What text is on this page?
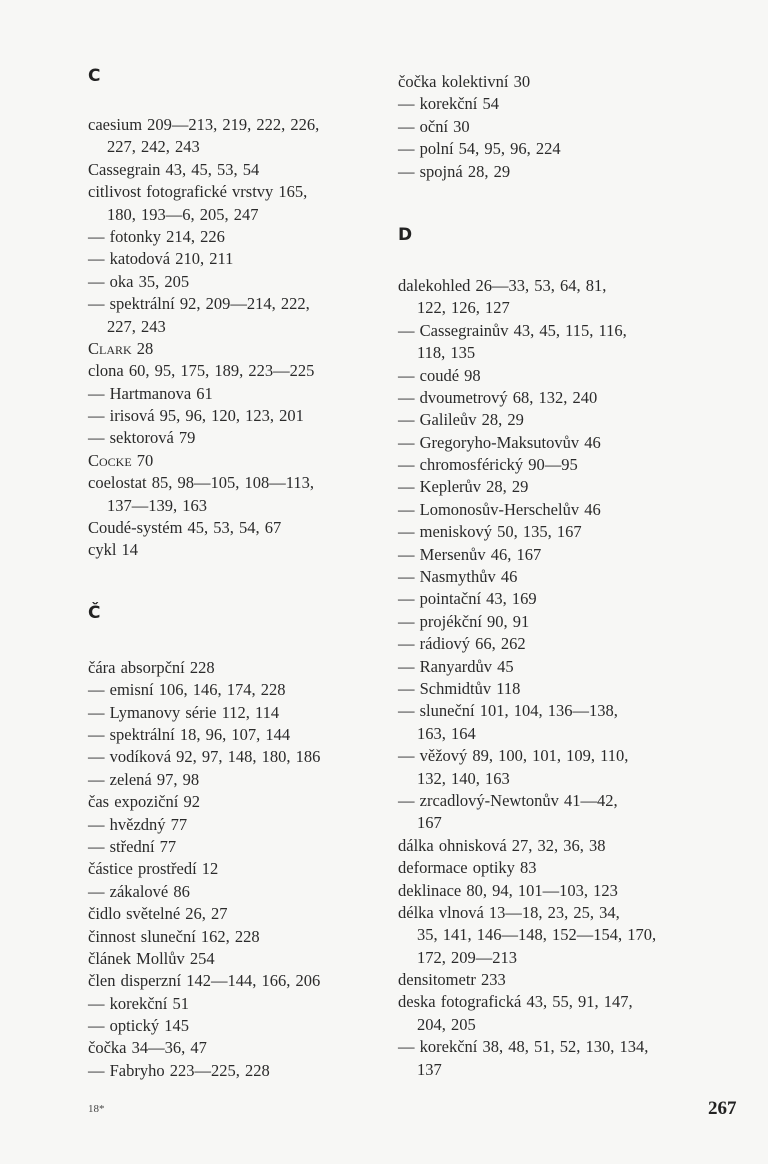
C
caesium 209—213, 219, 222, 226,
227, 242, 243
Cassegrain 43, 45, 53, 54
citlivost fotografické vrstvy 165,
180, 193—6, 205, 247
— fotonky 214, 226
— katodová 210, 211
— oka 35, 205
— spektrální 92, 209—214, 222,
227, 243
Clark 28
clona 60, 95, 175, 189, 223—225
— Hartmanova 61
— irisová 95, 96, 120, 123, 201
— sektorová 79
Cocke 70
coelostat 85, 98—105, 108—113,
137—139, 163
Coudé-systém 45, 53, 54, 67
cykl 14
Č
čára absorpční 228
— emisní 106, 146, 174, 228
— Lymanovy série 112, 114
— spektrální 18, 96, 107, 144
— vodíková 92, 97, 148, 180, 186
— zelená 97, 98
čas expoziční 92
— hvězdný 77
— střední 77
částice prostředí 12
— zákalové 86
čidlo světelné 26, 27
činnost sluneční 162, 228
článek Mollův 254
člen disperzní 142—144, 166, 206
— korekční 51
— optický 145
čočka 34—36, 47
— Fabryho 223—225, 228
čočka kolektivní 30
— korekční 54
— oční 30
— polní 54, 95, 96, 224
— spojná 28, 29
D
dalekohled 26—33, 53, 64, 81,
122, 126, 127
— Cassegrainův 43, 45, 115, 116,
118, 135
— coudé 98
— dvoumetrový 68, 132, 240
— Galileův 28, 29
— Gregoryho-Maksutovův 46
— chromosférický 90—95
— Keplerův 28, 29
— Lomonosův-Herschelův 46
— meniskový 50, 135, 167
— Mersenův 46, 167
— Nasmythův 46
— pointační 43, 169
— projékční 90, 91
— rádiový 66, 262
— Ranyardův 45
— Schmidtův 118
— sluneční 101, 104, 136—138,
163, 164
— věžový 89, 100, 101, 109, 110,
132, 140, 163
— zrcadlový-Newtonův 41—42,
167
dálka ohnisková 27, 32, 36, 38
deformace optiky 83
deklinace 80, 94, 101—103, 123
délka vlnová 13—18, 23, 25, 34,
35, 141, 146—148, 152—154, 170,
172, 209—213
densitometr 233
deska fotografická 43, 55, 91, 147,
204, 205
— korekční 38, 48, 51, 52, 130, 134,
137
18*	267
